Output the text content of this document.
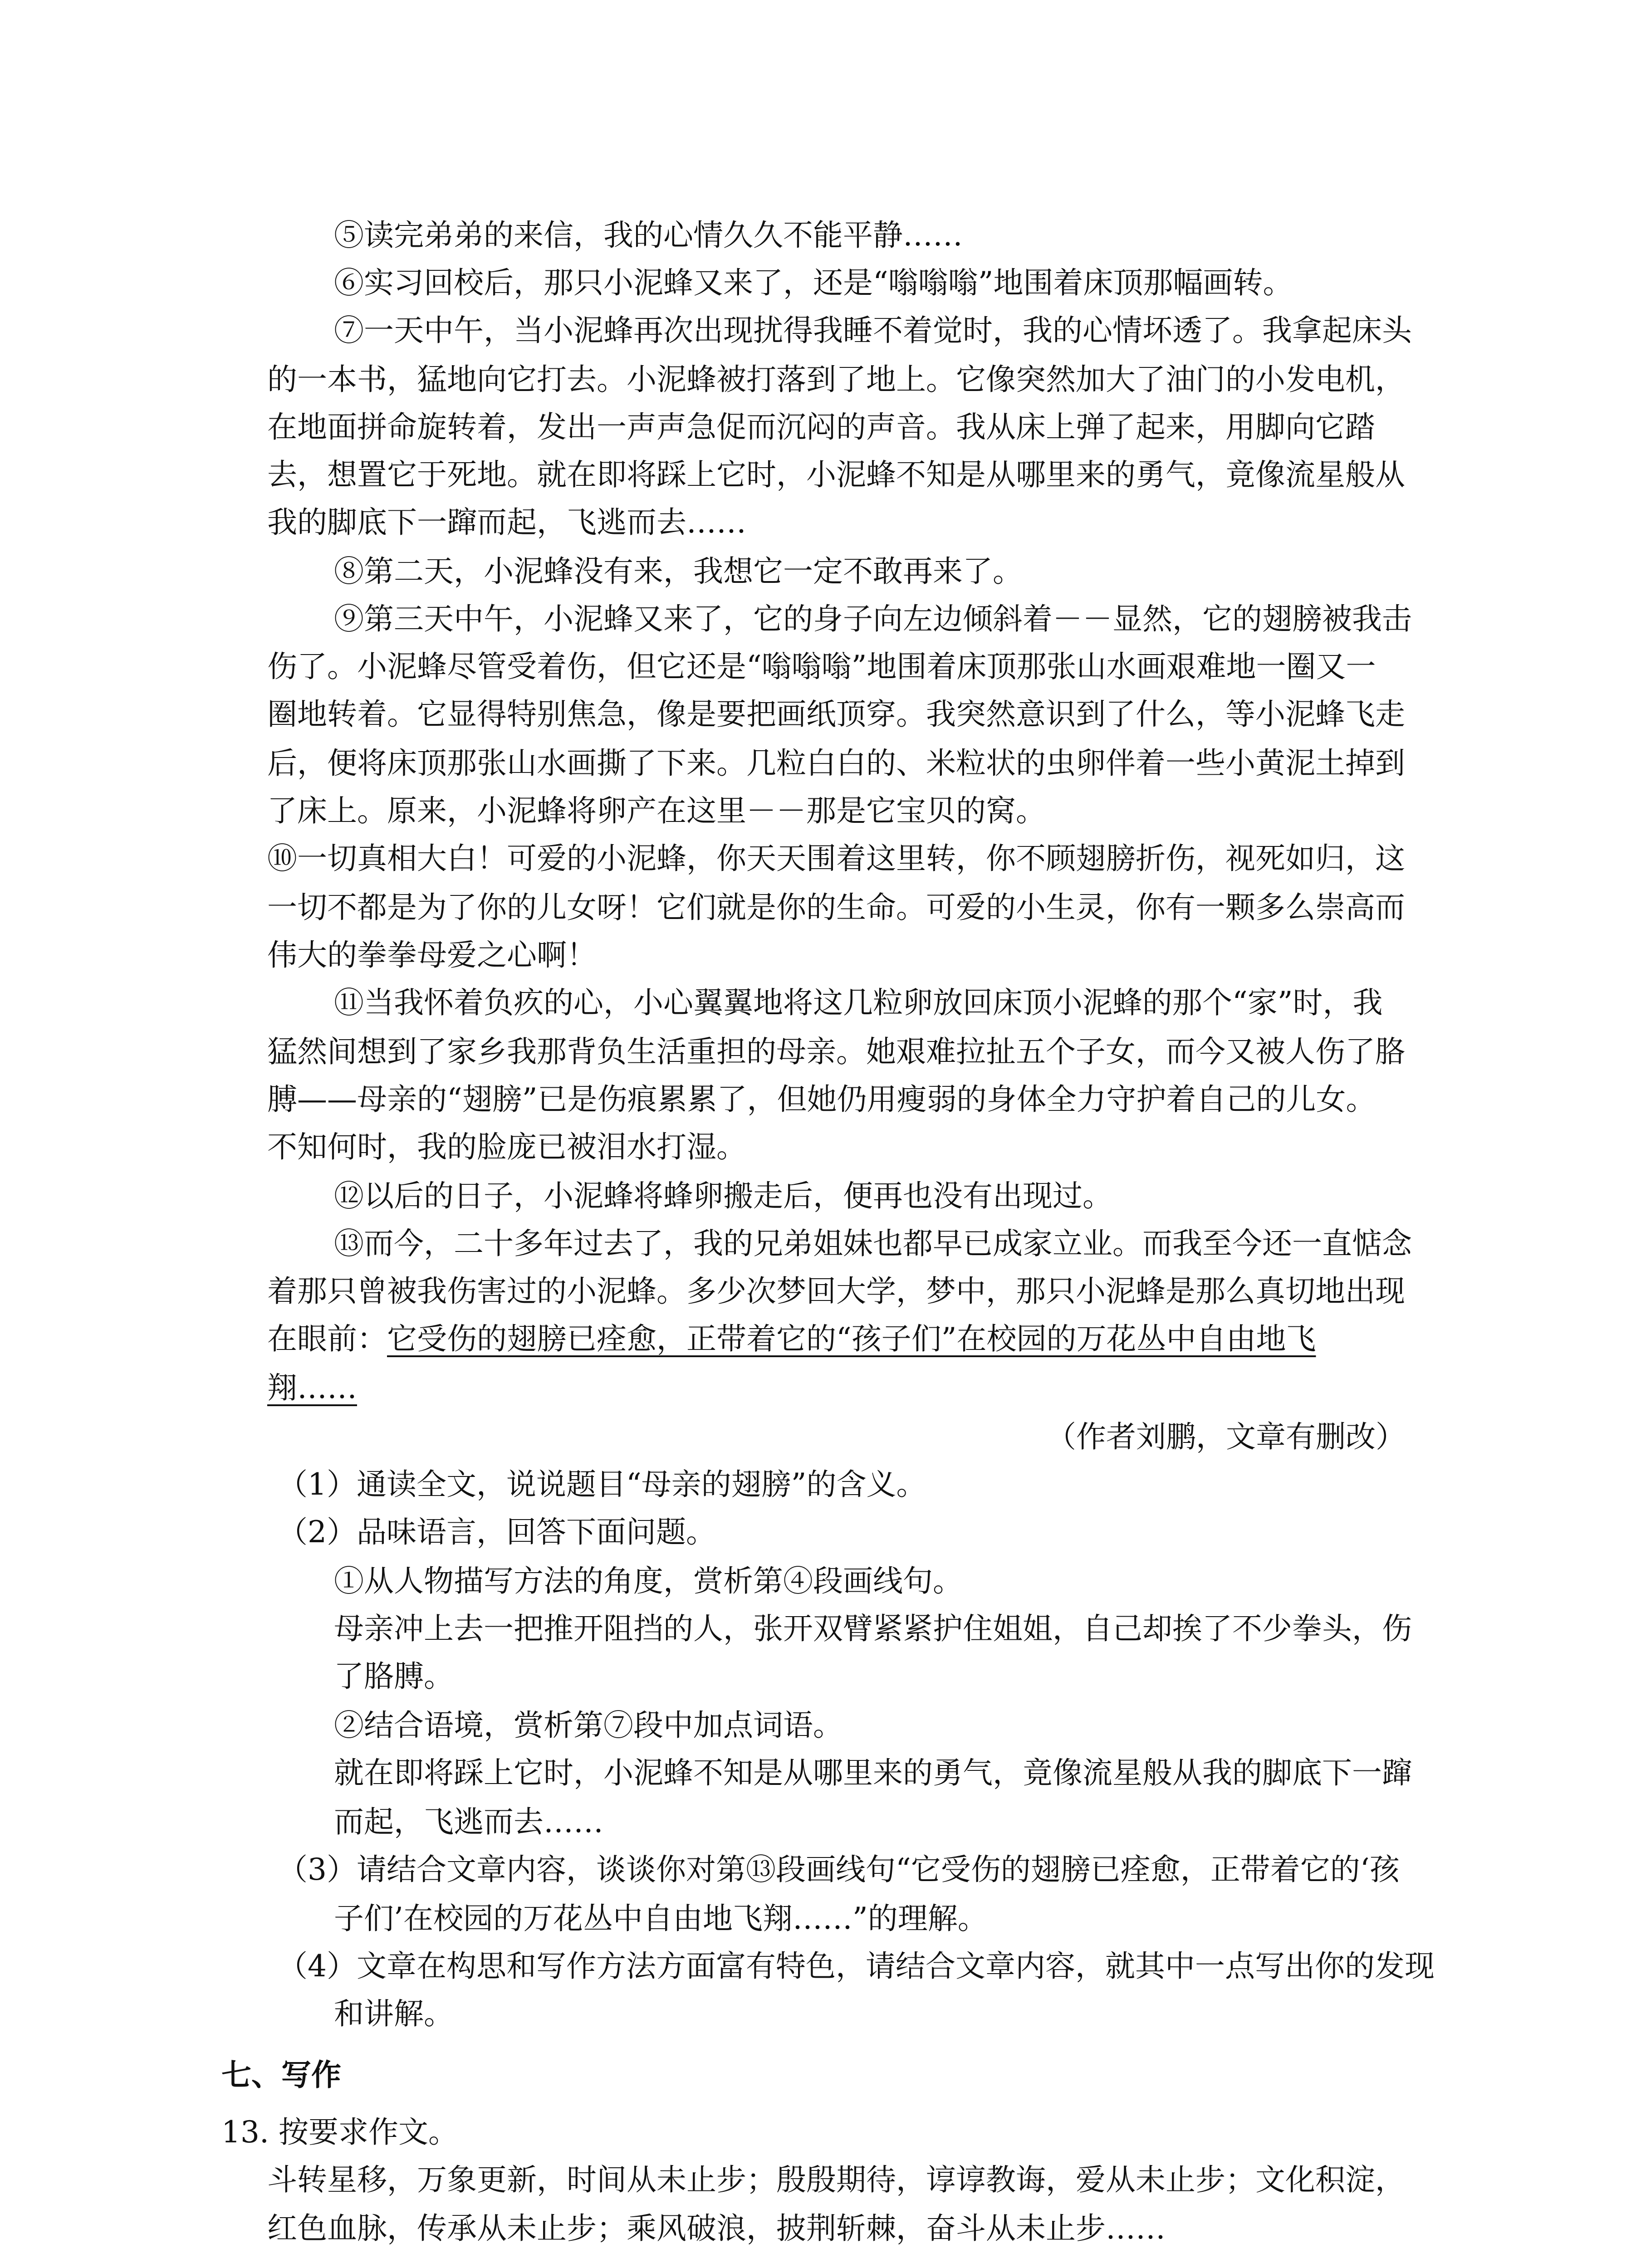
⑤读完弟弟的来信，我的心情久久不能平静……
⑥实习回校后，那只小泥蜂又来了，还是“嗡嗡嗡”地围着床顶那幅画转。
⑦一天中午，当小泥蜂再次出现扰得我睡不着觉时，我的心情坏透了。我拿起床头
的一本书，猛地向它打去。小泥蜂被打落到了地上。它像突然加大了油门的小发电机，
在地面拼命旋转着，发出一声声急促而沉闷的声音。我从床上弹了起来，用脚向它踏
去，想置它于死地。就在即将踩上它时，小泥蜂不知是从哪里来的勇气，竟像流星般从
我的脚底下一蹿而起，飞逃而去……
⑧第二天，小泥蜂没有来，我想它一定不敢再来了。
⑨第三天中午，小泥蜂又来了，它的身子向左边倾斜着－－显然，它的翅膀被我击
伤了。小泥蜂尽管受着伤，但它还是“嗡嗡嗡”地围着床顶那张山水画艰难地一圈又一
圈地转着。它显得特别焦急，像是要把画纸顶穿。我突然意识到了什么，等小泥蜂飞走
后，便将床顶那张山水画撕了下来。几粒白白的、米粒状的虫卵伴着一些小黄泥土掉到
了床上。原来，小泥蜂将卵产在这里－－那是它宝贝的窝。
⑩一切真相大白！可爱的小泥蜂，你天天围着这里转，你不顾翅膀折伤，视死如归，这
一切不都是为了你的儿女呀！它们就是你的生命。可爱的小生灵，你有一颗多么崇高而
伟大的拳拳母爱之心啊！
⑪当我怀着负疚的心，小心翼翼地将这几粒卵放回床顶小泥蜂的那个“家”时，我
猛然间想到了家乡我那背负生活重担的母亲。她艰难拉扯五个子女，而今又被人伤了胳
膊——母亲的“翅膀”已是伤痕累累了，但她仍用瘦弱的身体全力守护着自己的儿女。
不知何时，我的脸庞已被泪水打湿。
⑫以后的日子，小泥蜂将蜂卵搬走后，便再也没有出现过。
⑬而今，二十多年过去了，我的兄弟姐妹也都早已成家立业。而我至今还一直惦念
着那只曾被我伤害过的小泥蜂。多少次梦回大学，梦中，那只小泥蜂是那么真切地出现
在眼前：它受伤的翅膀已痊愈，正带着它的“孩子们”在校园的万花丛中自由地飞
翔……
（作者刘鹏，文章有删改）
（1）通读全文，说说题目“母亲的翅膀”的含义。
（2）品味语言，回答下面问题。
①从人物描写方法的角度，赏析第④段画线句。
母亲冲上去一把推开阻挡的人，张开双臂紧紧护住姐姐，自己却挨了不少拳头，伤
了胳膊。
②结合语境，赏析第⑦段中加点词语。
就在即将踩上它时，小泥蜂不知是从哪里来的勇气，竟像流星般从我的脚底下一蹿
而起，飞逃而去……
（3）请结合文章内容，谈谈你对第⑬段画线句“它受伤的翅膀已痊愈，正带着它的‘孩
子们’在校园的万花丛中自由地飞翔……”的理解。
（4）文章在构思和写作方法方面富有特色，请结合文章内容，就其中一点写出你的发现
和讲解。
七、写作
13. 按要求作文。
斗转星移，万象更新，时间从未止步；殷殷期待，谆谆教诲，爱从未止步；文化积淀，
红色血脉，传承从未止步；乘风破浪，披荆斩棘，奋斗从未止步……
